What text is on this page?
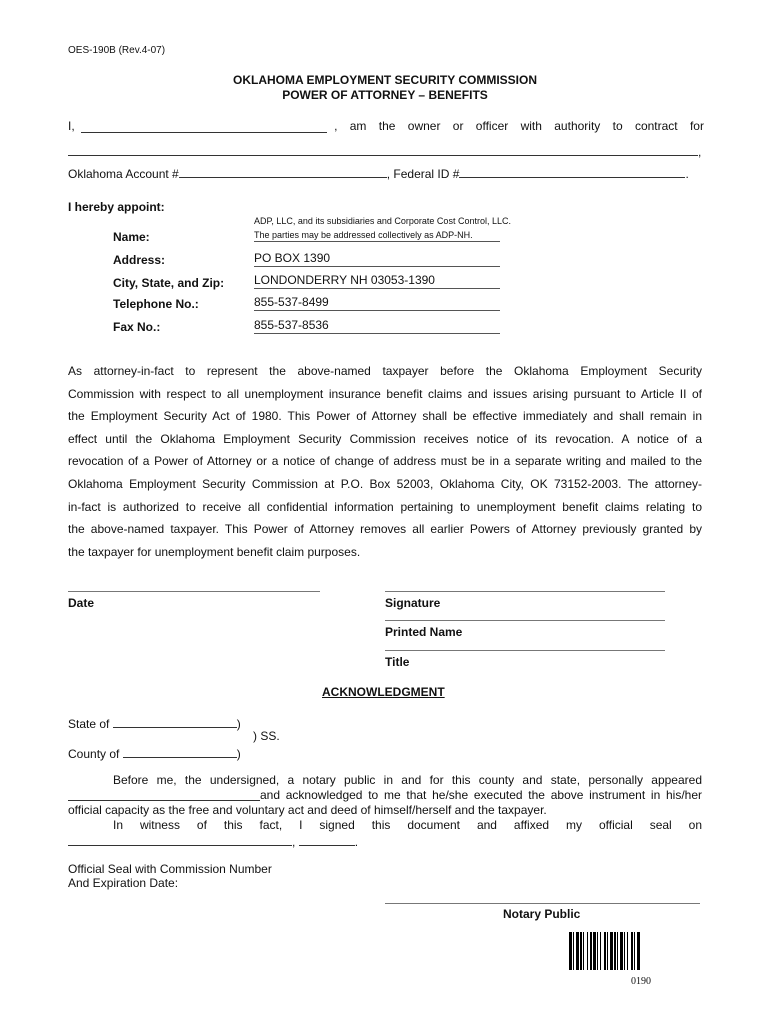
OES-190B (Rev.4-07)
OKLAHOMA EMPLOYMENT SECURITY COMMISSION
POWER OF ATTORNEY – BENEFITS
I,	, am the owner or officer with authority to contract for
,
Oklahoma Account #	, Federal ID #	.
I hereby appoint:
ADP, LLC, and its subsidiaries and Corporate Cost Control, LLC.
Name:	The parties may be addressed collectively as ADP-NH.
Address:	PO BOX 1390
City, State, and Zip: LONDONDERRY NH 03053-1390
Telephone No.:	855-537-8499
Fax No.:	855-537-8536
As attorney-in-fact to represent the above-named taxpayer before the Oklahoma Employment Security
Commission with respect to all unemployment insurance benefit claims and issues arising pursuant to Article II of
the Employment Security Act of 1980. This Power of Attorney shall be effective immediately and shall remain in
effect until the Oklahoma Employment Security Commission receives notice of its revocation. A notice of a
revocation of a Power of Attorney or a notice of change of address must be in a separate writing and mailed to the
Oklahoma Employment Security Commission at P.O. Box 52003, Oklahoma City, OK 73152-2003. The attorney-
in-fact is authorized to receive all confidential information pertaining to unemployment benefit claims relating to
the above-named taxpayer. This Power of Attorney removes all earlier Powers of Attorney previously granted by
the taxpayer for unemployment benefit claim purposes.
Date	Signature
Printed Name
Title
ACKNOWLEDGMENT
State of	)
) SS.
County of	)
Before me, the undersigned, a notary public in and for this county and state, personally appeared
and acknowledged to me that he/she executed the above instrument in his/her
official capacity as the free and voluntary act and deed of himself/herself and the taxpayer.
In witness of this fact, I signed this document and affixed my official seal on
,	.
Official Seal with Commission Number
And Expiration Date:
Notary Public
0190
